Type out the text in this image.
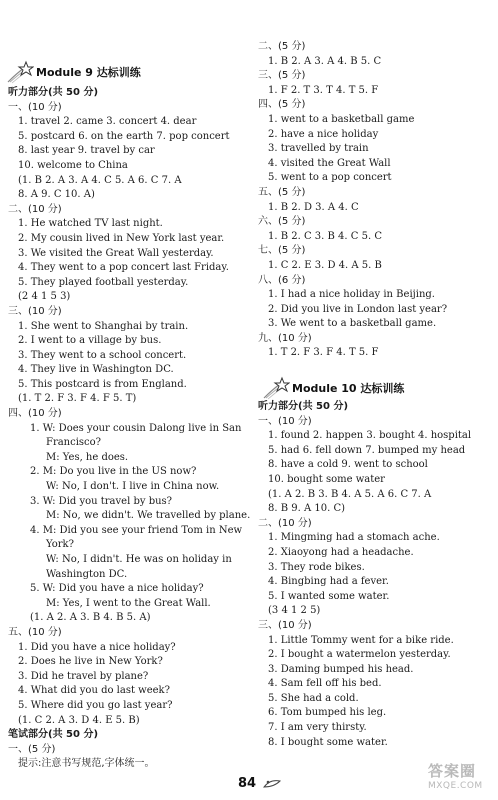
Module 9 达标训练
听力部分(共 50 分)
一、(10 分)
1. travel 2. came 3. concert 4. dear
5. postcard 6. on the earth 7. pop concert
8. last year 9. travel by car
10. welcome to China
(1. B 2. A 3. A 4. C 5. A 6. C 7. A
8. A 9. C 10. A)
二、(10 分)
1. He watched TV last night.
2. My cousin lived in New York last year.
3. We visited the Great Wall yesterday.
4. They went to a pop concert last Friday.
5. They played football yesterday.
(2 4 1 5 3)
三、(10 分)
1. She went to Shanghai by train.
2. I went to a village by bus.
3. They went to a school concert.
4. They live in Washington DC.
5. This postcard is from England.
(1. T 2. F 3. F 4. F 5. T)
四、(10 分)
1. W: Does your cousin Dalong live in San
Francisco?
M: Yes, he does.
2. M: Do you live in the US now?
W: No, I don't. I live in China now.
3. W: Did you travel by bus?
M: No, we didn't. We travelled by plane.
4. M: Did you see your friend Tom in New
York?
W: No, I didn't. He was on holiday in
Washington DC.
5. W: Did you have a nice holiday?
M: Yes, I went to the Great Wall.
(1. A 2. A 3. B 4. B 5. A)
五、(10 分)
1. Did you have a nice holiday?
2. Does he live in New York?
3. Did he travel by plane?
4. What did you do last week?
5. Where did you go last year?
(1. C 2. A 3. D 4. E 5. B)
笔试部分(共 50 分)
一、(5 分)
提示:注意书写规范,字体统一。
二、(5 分)
1. B 2. A 3. A 4. B 5. C
三、(5 分)
1. F 2. T 3. T 4. T 5. F
四、(5 分)
1. went to a basketball game
2. have a nice holiday
3. travelled by train
4. visited the Great Wall
5. went to a pop concert
五、(5 分)
1. B 2. D 3. A 4. C
六、(5 分)
1. B 2. C 3. B 4. C 5. C
七、(5 分)
1. C 2. E 3. D 4. A 5. B
八、(6 分)
1. I had a nice holiday in Beijing.
2. Did you live in London last year?
3. We went to a basketball game.
九、(10 分)
1. T 2. F 3. F 4. T 5. F
Module 10 达标训练
听力部分(共 50 分)
一、(10 分)
1. found 2. happen 3. bought 4. hospital
5. had 6. fell down 7. bumped my head
8. have a cold 9. went to school
10. bought some water
(1. A 2. B 3. B 4. A 5. A 6. C 7. A
8. B 9. A 10. C)
二、(10 分)
1. Mingming had a stomach ache.
2. Xiaoyong had a headache.
3. They rode bikes.
4. Bingbing had a fever.
5. I wanted some water.
(3 4 1 2 5)
三、(10 分)
1. Little Tommy went for a bike ride.
2. I bought a watermelon yesterday.
3. Daming bumped his head.
4. Sam fell off his bed.
5. She had a cold.
6. Tom bumped his leg.
7. I am very thirsty.
8. I bought some water.
84
答案圈
MXQE.COM
